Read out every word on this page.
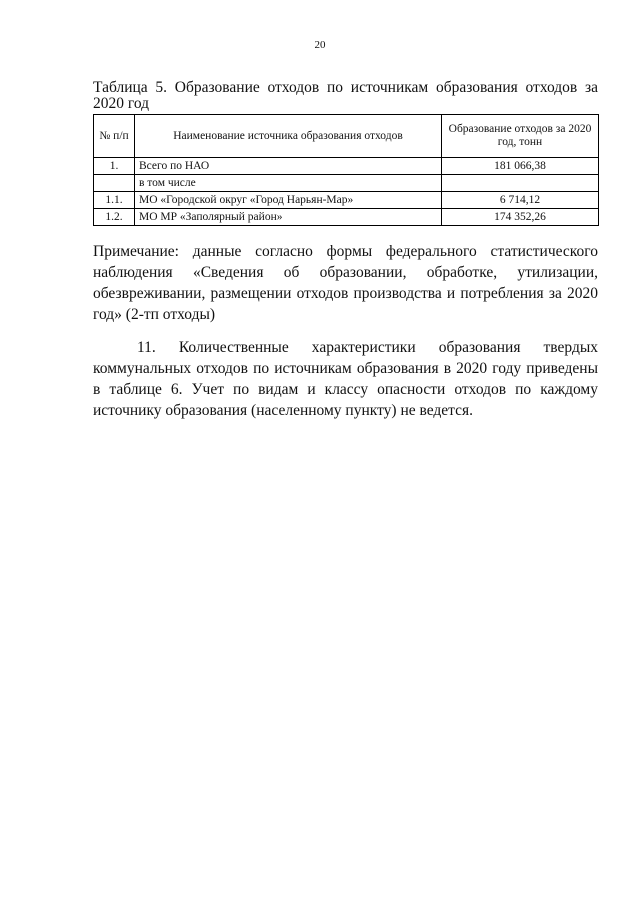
20
Таблица 5. Образование отходов по источникам образования отходов за 2020 год
№ п/п	Наименование источника образования отходов	Образование отходов за 2020 год, тонн
1.	Всего по НАО	181 066,38
	в том числе	
1.1.	МО «Городской округ «Город Нарьян-Мар»	6 714,12
1.2.	МО МР «Заполярный район»	174 352,26
Примечание: данные согласно формы федерального статистического наблюдения «Сведения об образовании, обработке, утилизации, обезвреживании, размещении отходов производства и потребления за 2020 год» (2-тп отходы)
11. Количественные характеристики образования твердых коммунальных отходов по источникам образования в 2020 году приведены в таблице 6. Учет по видам и классу опасности отходов по каждому источнику образования (населенному пункту) не ведется.
